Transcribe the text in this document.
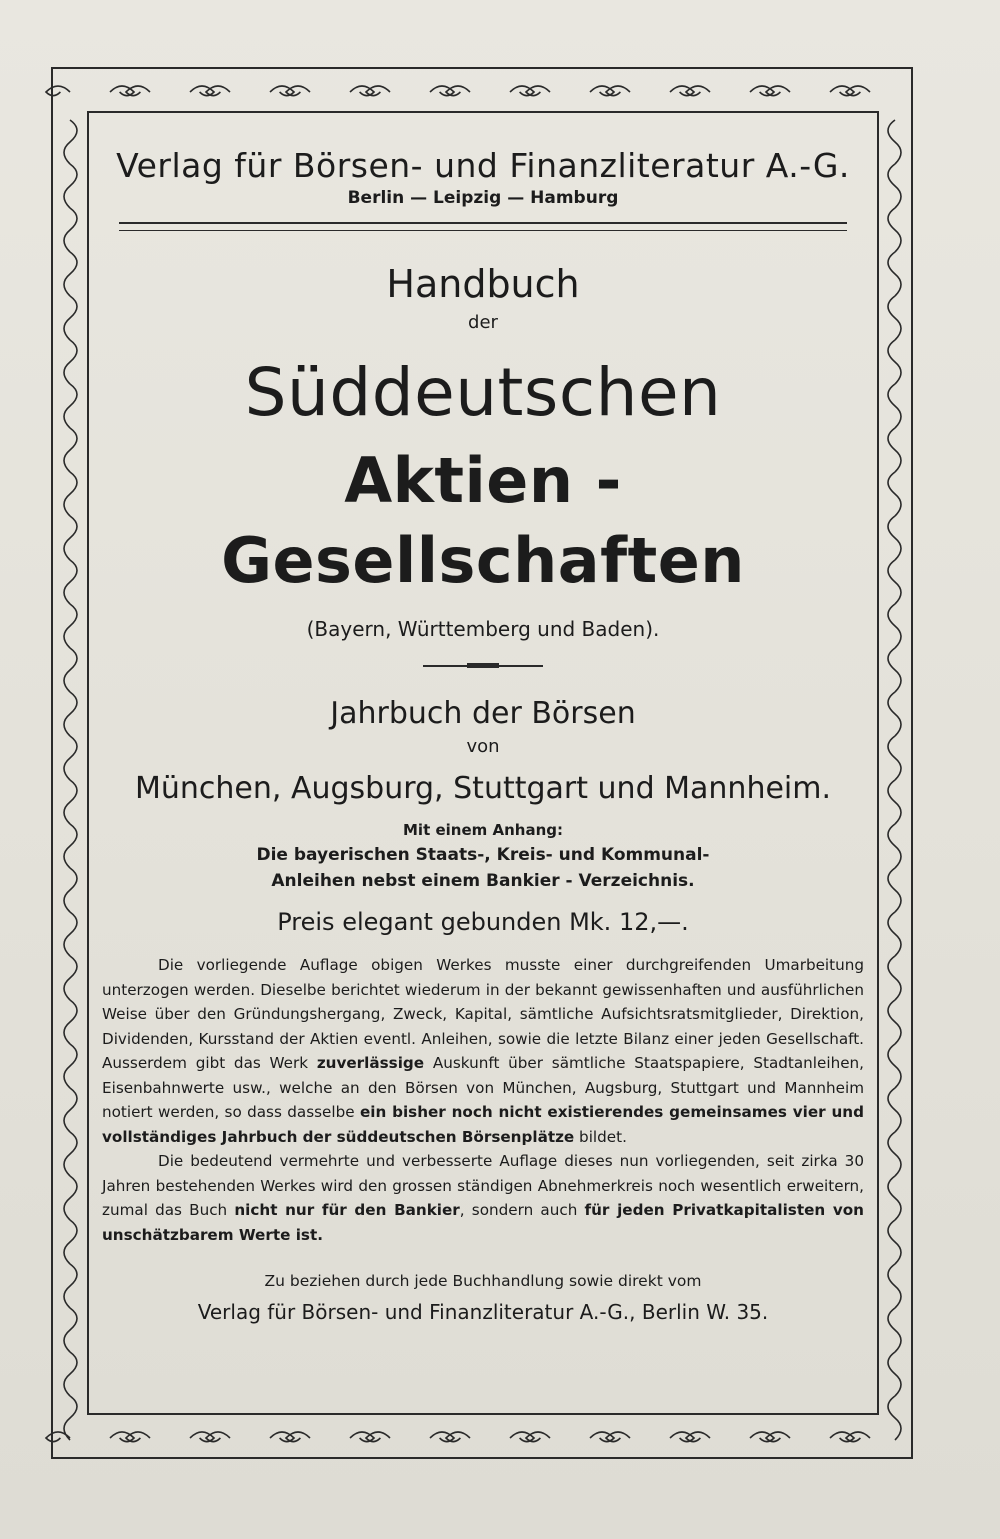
Verlag für Börsen- und Finanzliteratur A.-G.
Berlin — Leipzig — Hamburg
Handbuch
der
Süddeutschen
Aktien - Gesellschaften
(Bayern, Württemberg und Baden).
Jahrbuch der Börsen
von
München, Augsburg, Stuttgart und Mannheim.
Mit einem Anhang:
Die bayerischen Staats-, Kreis- und Kommunal-
Anleihen nebst einem Bankier - Verzeichnis.
Preis elegant gebunden Mk. 12,—.

Die vorliegende Auflage obigen Werkes musste einer durchgreifenden Umarbeitung unterzogen werden. Dieselbe berichtet wiederum in der bekannt gewissenhaften und ausführlichen Weise über den Gründungshergang, Zweck, Kapital, sämtliche Aufsichtsratsmitglieder, Direktion, Dividenden, Kursstand der Aktien eventl. Anleihen, sowie die letzte Bilanz einer jeden Gesellschaft. Ausserdem gibt das Werk zuverlässige Auskunft über sämtliche Staatspapiere, Stadtanleihen, Eisenbahnwerte usw., welche an den Börsen von München, Augsburg, Stuttgart und Mannheim notiert werden, so dass dasselbe ein bisher noch nicht existierendes gemeinsames vier und vollständiges Jahrbuch der süddeutschen Börsenplätze bildet.

Die bedeutend vermehrte und verbesserte Auflage dieses nun vorliegenden, seit zirka 30 Jahren bestehenden Werkes wird den grossen ständigen Abnehmerkreis noch wesentlich erweitern, zumal das Buch nicht nur für den Bankier, sondern auch für jeden Privatkapitalisten von unschätzbarem Werte ist.

Zu beziehen durch jede Buchhandlung sowie direkt vom
Verlag für Börsen- und Finanzliteratur A.-G., Berlin W. 35.
